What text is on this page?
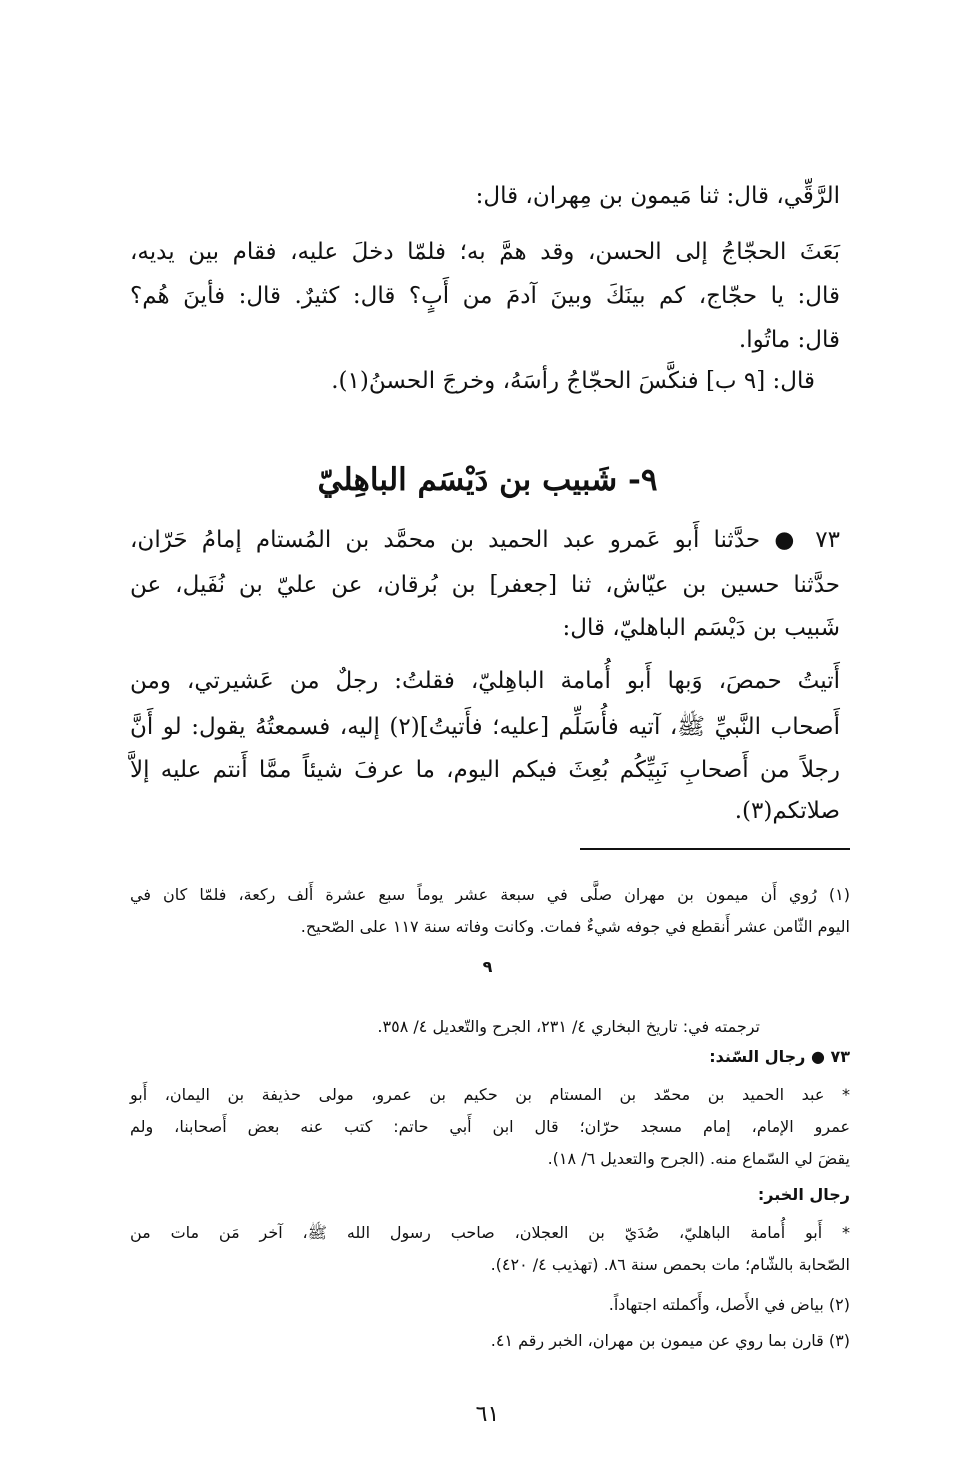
الرَّقِّي، قال: ثنا مَيمون بن مِهران، قال:
بَعَثَ الحجّاجُ إلى الحسن، وقد همَّ به؛ فلمّا دخلَ عليه، فقام بين يديه،
قال: يا حجّاج، كم بينَكَ وبينَ آدمَ من أَبٍ؟ قال: كثيرٌ. قال: فأينَ هُم؟
قال: ماتُوا.
قال: [٩ ب] فنكَّسَ الحجّاجُ رأسَهُ، وخرجَ الحسنُ(١).
٩- شَبيب بن دَيْسَم الباهِليّ
٧٣ ● حدَّثنا أَبو عَمرو عبد الحميد بن محمَّد بن المُستام إمامُ حَرّان،
حدَّثنا حسين بن عيّاش، ثنا [جعفر] بن بُرقان، عن عليّ بن نُفَيل، عن
شَبيب بن دَيْسَم الباهليّ، قال:
أَتيتُ حمصَ، وَبها أَبو أُمامة الباهِليّ، فقلتُ: رجلٌ من عَشيرتي، ومن
أَصحاب النَّبيِّ ﷺ، آتيه فأُسَلِّم [عليه؛ فأَتيتُ](٢) إليه، فسمعتُهُ يقول: لو أَنَّ
رجلاً من أَصحابِ نَبِيِّكُم بُعِثَ فيكم اليوم، ما عرفَ شيئاً ممَّا أَنتم عليه إلاَّ
صلاتكم(٣).
(١) رُوي أَن ميمون بن مهران صلَّى في سبعة عشر يوماً سبع عشرة أَلف ركعة، فلمّا كان في
اليوم الثّامن عشر أَنقطع في جوفه شيءٌ فمات. وكانت وفاته سنة ١١٧ على الصّحيح.
٩
ترجمته في: تاريخ البخاري ٤/ ٢٣١، الجرح والتّعديل ٤/ ٣٥٨.
٧٣ ● رجال السّند:
* عبد الحميد بن محمّد بن المستام بن حكيم بن عمرو، مولى حذيفة بن اليمان، أَبو
عمرو الإمام، إمام مسجد حرّان؛ قال ابن أَبي حاتم: كتب عنه بعض أَصحابنا، ولم
يقضَ لي السّماع منه. (الجرح والتعديل ٦/ ١٨).
رجال الخبر:
* أَبو أُمامة الباهليّ، صُدَيّ بن العجلان، صاحب رسول الله ﷺ، آخر مَن مات من
الصّحابة بالشّام؛ مات بحمص سنة ٨٦. (تهذيب ٤/ ٤٢٠).
(٢) بياض في الأَصل، وأَكملته اجتهاداً.
(٣) قارن بما روي عن ميمون بن مهران، الخبر رقم ٤١.
٦١
